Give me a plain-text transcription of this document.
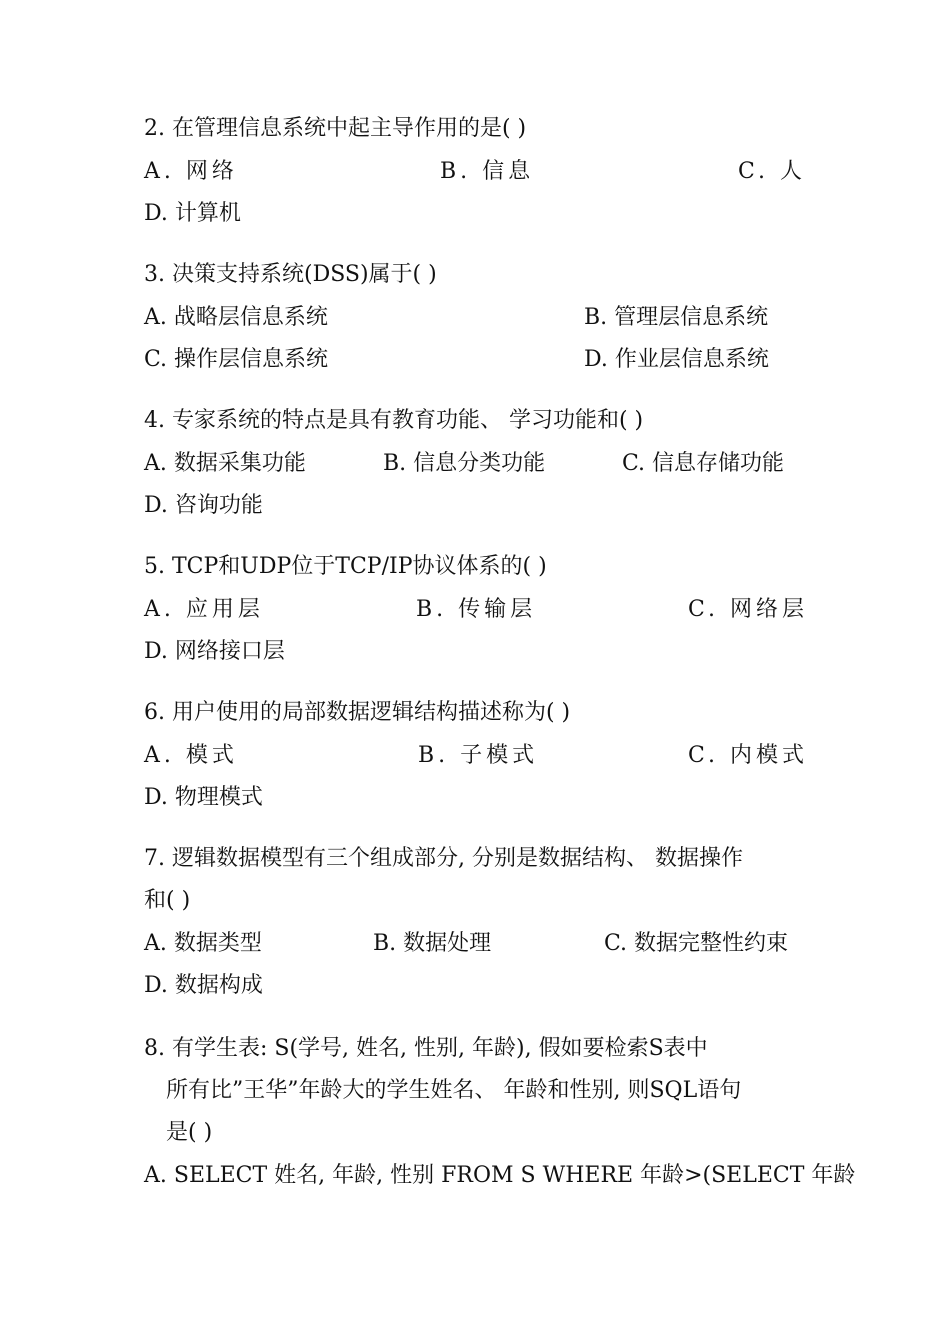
2. 在管理信息系统中起主导作用的是( )
A. 网络	B. 信息	C. 人
D. 计算机
3. 决策支持系统(DSS)属于( )
A. 战略层信息系统	B. 管理层信息系统
C. 操作层信息系统	D. 作业层信息系统
4. 专家系统的特点是具有教育功能、 学习功能和( )
A. 数据采集功能	B. 信息分类功能	C. 信息存储功能
D. 咨询功能
5. TCP和UDP位于TCP/IP协议体系的( )
A. 应用层	B. 传输层	C. 网络层
D. 网络接口层
6. 用户使用的局部数据逻辑结构描述称为( )
A. 模式	B. 子模式	C. 内模式
D. 物理模式
7. 逻辑数据模型有三个组成部分, 分别是数据结构、 数据操作
和( )
A. 数据类型	B. 数据处理	C. 数据完整性约束
D. 数据构成
8. 有学生表: S(学号, 姓名, 性别, 年龄), 假如要检索S表中
所有比”王华”年龄大的学生姓名、 年龄和性别, 则SQL语句
是( )
A. SELECT 姓名, 年龄, 性别 FROM S WHERE 年龄>(SELECT 年龄
